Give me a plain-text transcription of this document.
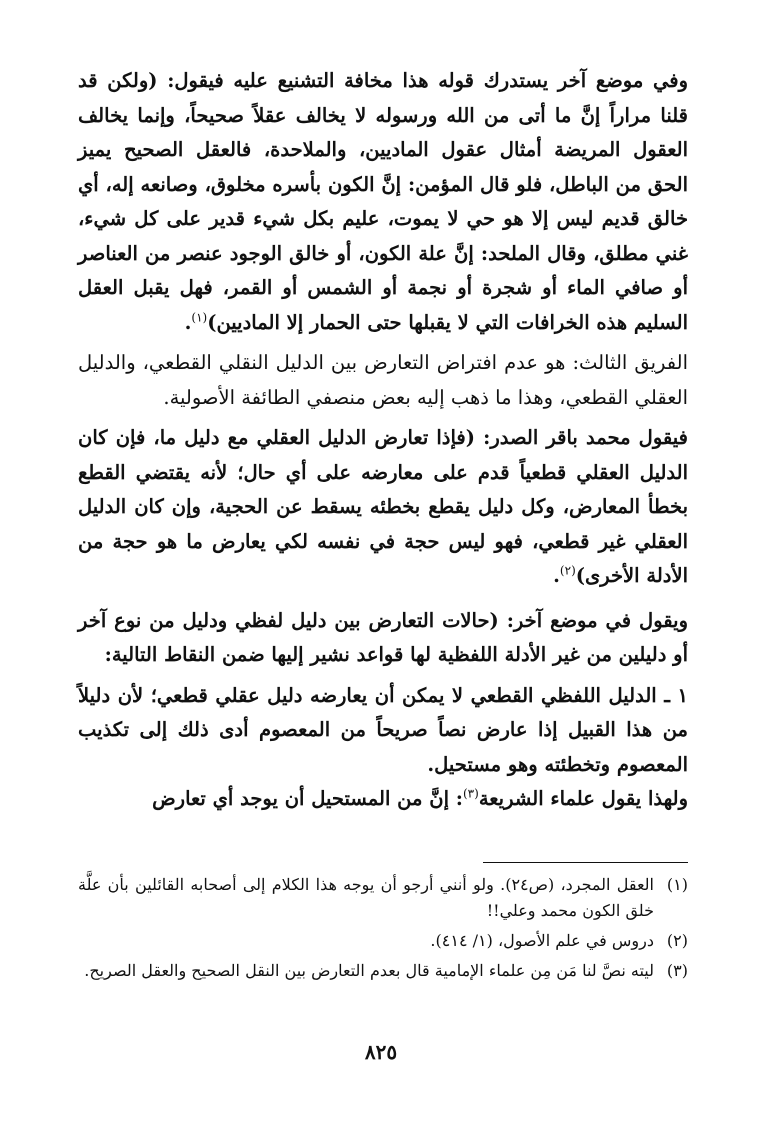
وفي موضع آخر يستدرك قوله هذا مخافة التشنيع عليه فيقول: (ولكن قد قلنا مراراً إنَّ ما أتى من الله ورسوله لا يخالف عقلاً صحيحاً، وإنما يخالف العقول المريضة أمثال عقول الماديين، والملاحدة، فالعقل الصحيح يميز الحق من الباطل، فلو قال المؤمن: إنَّ الكون بأسره مخلوق، وصانعه إله، أي خالق قديم ليس إلا هو حي لا يموت، عليم بكل شيء قدير على كل شيء، غني مطلق، وقال الملحد: إنَّ علة الكون، أو خالق الوجود عنصر من العناصر أو صافي الماء أو شجرة أو نجمة أو الشمس أو القمر، فهل يقبل العقل السليم هذه الخرافات التي لا يقبلها حتى الحمار إلا الماديين)$^{(١)}$.

الفريق الثالث: هو عدم افتراض التعارض بين الدليل النقلي القطعي، والدليل العقلي القطعي، وهذا ما ذهب إليه بعض منصفي الطائفة الأصولية.

فيقول محمد باقر الصدر: (فإذا تعارض الدليل العقلي مع دليل ما، فإن كان الدليل العقلي قطعياً قدم على معارضه على أي حال؛ لأنه يقتضي القطع بخطأ المعارض، وكل دليل يقطع بخطئه يسقط عن الحجية، وإن كان الدليل العقلي غير قطعي، فهو ليس حجة في نفسه لكي يعارض ما هو حجة من الأدلة الأخرى)$^{(٢)}$.

ويقول في موضع آخر: (حالات التعارض بين دليل لفظي ودليل من نوع آخر أو دليلين من غير الأدلة اللفظية لها قواعد نشير إليها ضمن النقاط التالية:

١ ـ الدليل اللفظي القطعي لا يمكن أن يعارضه دليل عقلي قطعي؛ لأن دليلاً من هذا القبيل إذا عارض نصاً صريحاً من المعصوم أدى ذلك إلى تكذيب المعصوم وتخطئته وهو مستحيل.

ولهذا يقول علماء الشريعة$^{(٣)}$: إنَّ من المستحيل أن يوجد أي تعارض

(١)
العقل المجرد، (ص٢٤). ولو أنني أرجو أن يوجه هذا الكلام إلى أصحابه القائلين بأن علَّة خلق الكون محمد وعلي!!
(٢)
دروس في علم الأصول، (١/ ٤١٤).
(٣)
ليته نصَّ لنا مَن مِن علماء الإمامية قال بعدم التعارض بين النقل الصحيح والعقل الصريح.
٨٢٥
